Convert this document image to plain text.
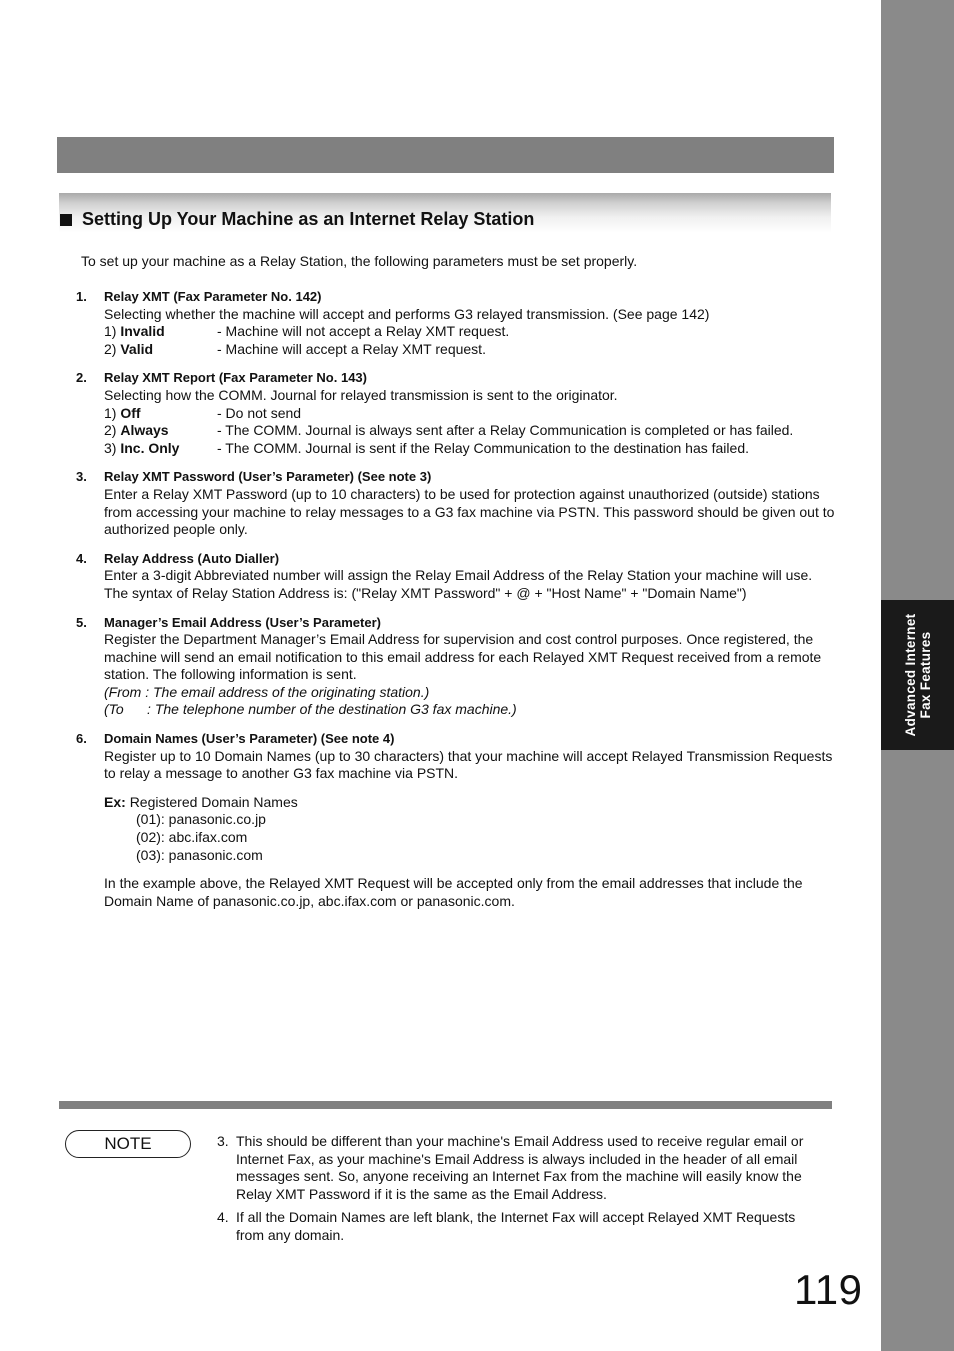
Advanced Internet Fax Features
Setting Up Your Machine as an Internet Relay Station
To set up your machine as a Relay Station, the following parameters must be set properly.
1. Relay XMT (Fax Parameter No. 142)
Selecting whether the machine will accept and performs G3 relayed transmission. (See page 142)
1) Invalid	- Machine will not accept a Relay XMT request.
2) Valid	- Machine will accept a Relay XMT request.
2. Relay XMT Report (Fax Parameter No. 143)
Selecting how the COMM. Journal for relayed transmission is sent to the originator.
1) Off	- Do not send
2) Always	- The COMM. Journal is always sent after a Relay Communication is completed or has failed.
3) Inc. Only	- The COMM. Journal is sent if the Relay Communication to the destination has failed.
3. Relay XMT Password (User’s Parameter) (See note 3)
Enter a Relay XMT Password (up to 10 characters) to be used for protection against unauthorized (outside) stations from accessing your machine to relay messages to a G3 fax machine via PSTN. This password should be given out to authorized people only.
4. Relay Address (Auto Dialler)
Enter a 3-digit Abbreviated number will assign the Relay Email Address of the Relay Station your machine will use. The syntax of Relay Station Address is: ("Relay XMT Password" + @ + "Host Name" + "Domain Name")
5. Manager’s Email Address (User’s Parameter)
Register the Department Manager’s Email Address for supervision and cost control purposes. Once registered, the machine will send an email notification to this email address for each Relayed XMT Request received from a remote station. The following information is sent.
(From : The email address of the originating station.)
(To      : The telephone number of the destination G3 fax machine.)
6. Domain Names (User’s Parameter) (See note 4)
Register up to 10 Domain Names (up to 30 characters) that your machine will accept Relayed Transmission Requests to relay a message to another G3 fax machine via PSTN.
Ex: Registered Domain Names
(01): panasonic.co.jp
(02): abc.ifax.com
(03): panasonic.com
In the example above, the Relayed XMT Request will be accepted only from the email addresses that include the Domain Name of panasonic.co.jp, abc.ifax.com or panasonic.com.
NOTE	3. This should be different than your machine's Email Address used to receive regular email or Internet Fax, as your machine's Email Address is always included in the header of all email messages sent. So, anyone receiving an Internet Fax from the machine will easily know the Relay XMT Password if it is the same as the Email Address.
4. If all the Domain Names are left blank, the Internet Fax will accept Relayed XMT Requests from any domain.
119
